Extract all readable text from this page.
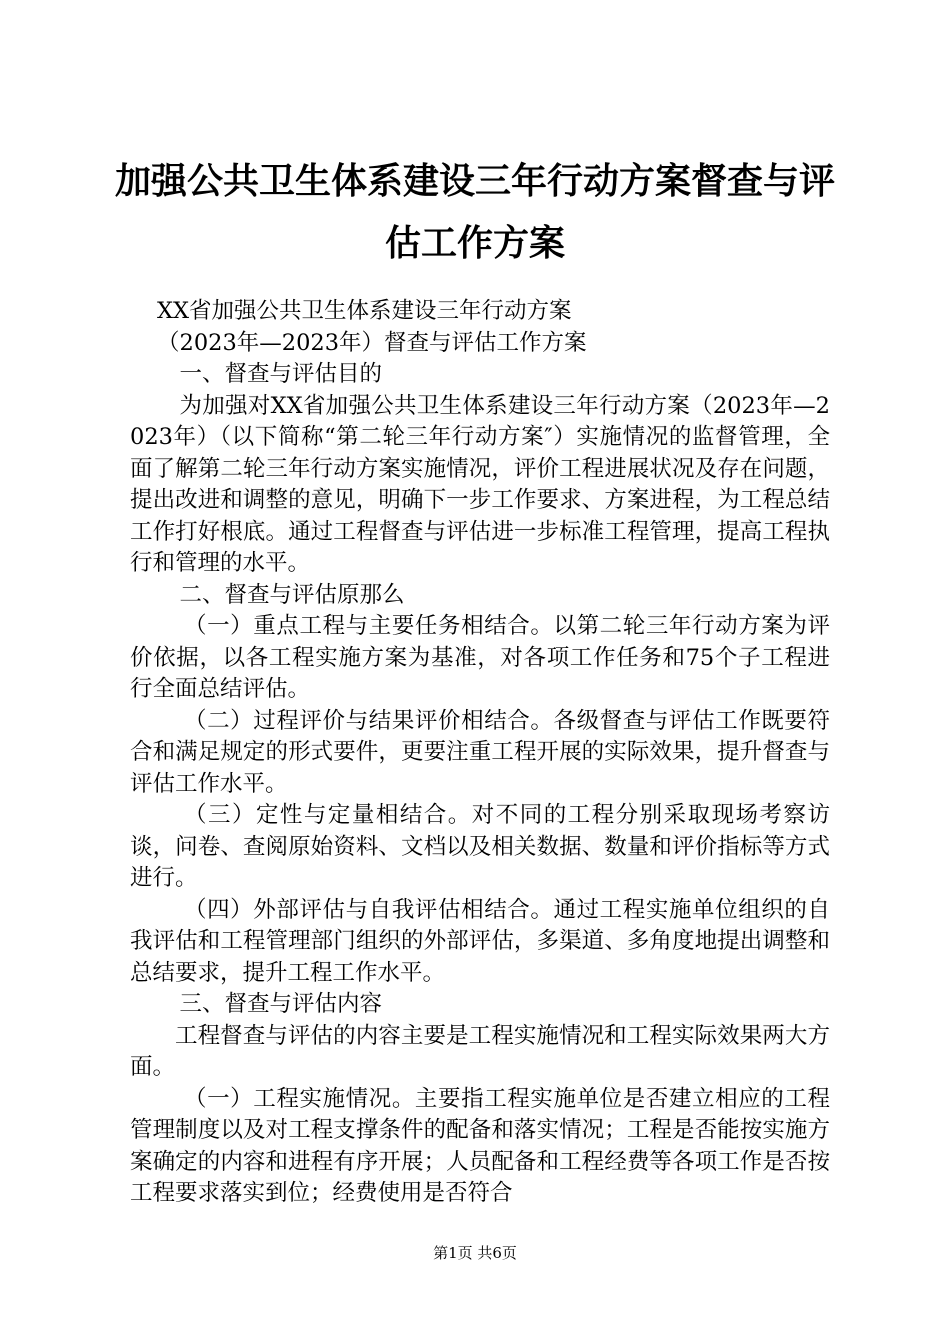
加强公共卫生体系建设三年行动方案督查与评
估工作方案

XX省加强公共卫生体系建设三年行动方案

（2023年—2023年）督查与评估工作方案

一、督查与评估目的

为加强对XX省加强公共卫生体系建设三年行动方案（2023年—2023年）（以下简称“第二轮三年行动方案″）实施情况的监督管理，全面了解第二轮三年行动方案实施情况，评价工程进展状况及存在问题，提出改进和调整的意见，明确下一步工作要求、方案进程，为工程总结工作打好根底。通过工程督查与评估进一步标准工程管理，提高工程执行和管理的水平。

二、督查与评估原那么

（一）重点工程与主要任务相结合。以第二轮三年行动方案为评价依据，以各工程实施方案为基准，对各项工作任务和75个子工程进行全面总结评估。

（二）过程评价与结果评价相结合。各级督查与评估工作既要符合和满足规定的形式要件，更要注重工程开展的实际效果，提升督查与评估工作水平。

（三）定性与定量相结合。对不同的工程分别采取现场考察访谈，问卷、查阅原始资料、文档以及相关数据、数量和评价指标等方式进行。

（四）外部评估与自我评估相结合。通过工程实施单位组织的自我评估和工程管理部门组织的外部评估，多渠道、多角度地提出调整和总结要求，提升工程工作水平。

三、督查与评估内容

工程督查与评估的内容主要是工程实施情况和工程实际效果两大方面。

（一）工程实施情况。主要指工程实施单位是否建立相应的工程管理制度以及对工程支撑条件的配备和落实情况；工程是否能按实施方案确定的内容和进程有序开展；人员配备和工程经费等各项工作是否按工程要求落实到位；经费使用是否符合

第1页 共6页
